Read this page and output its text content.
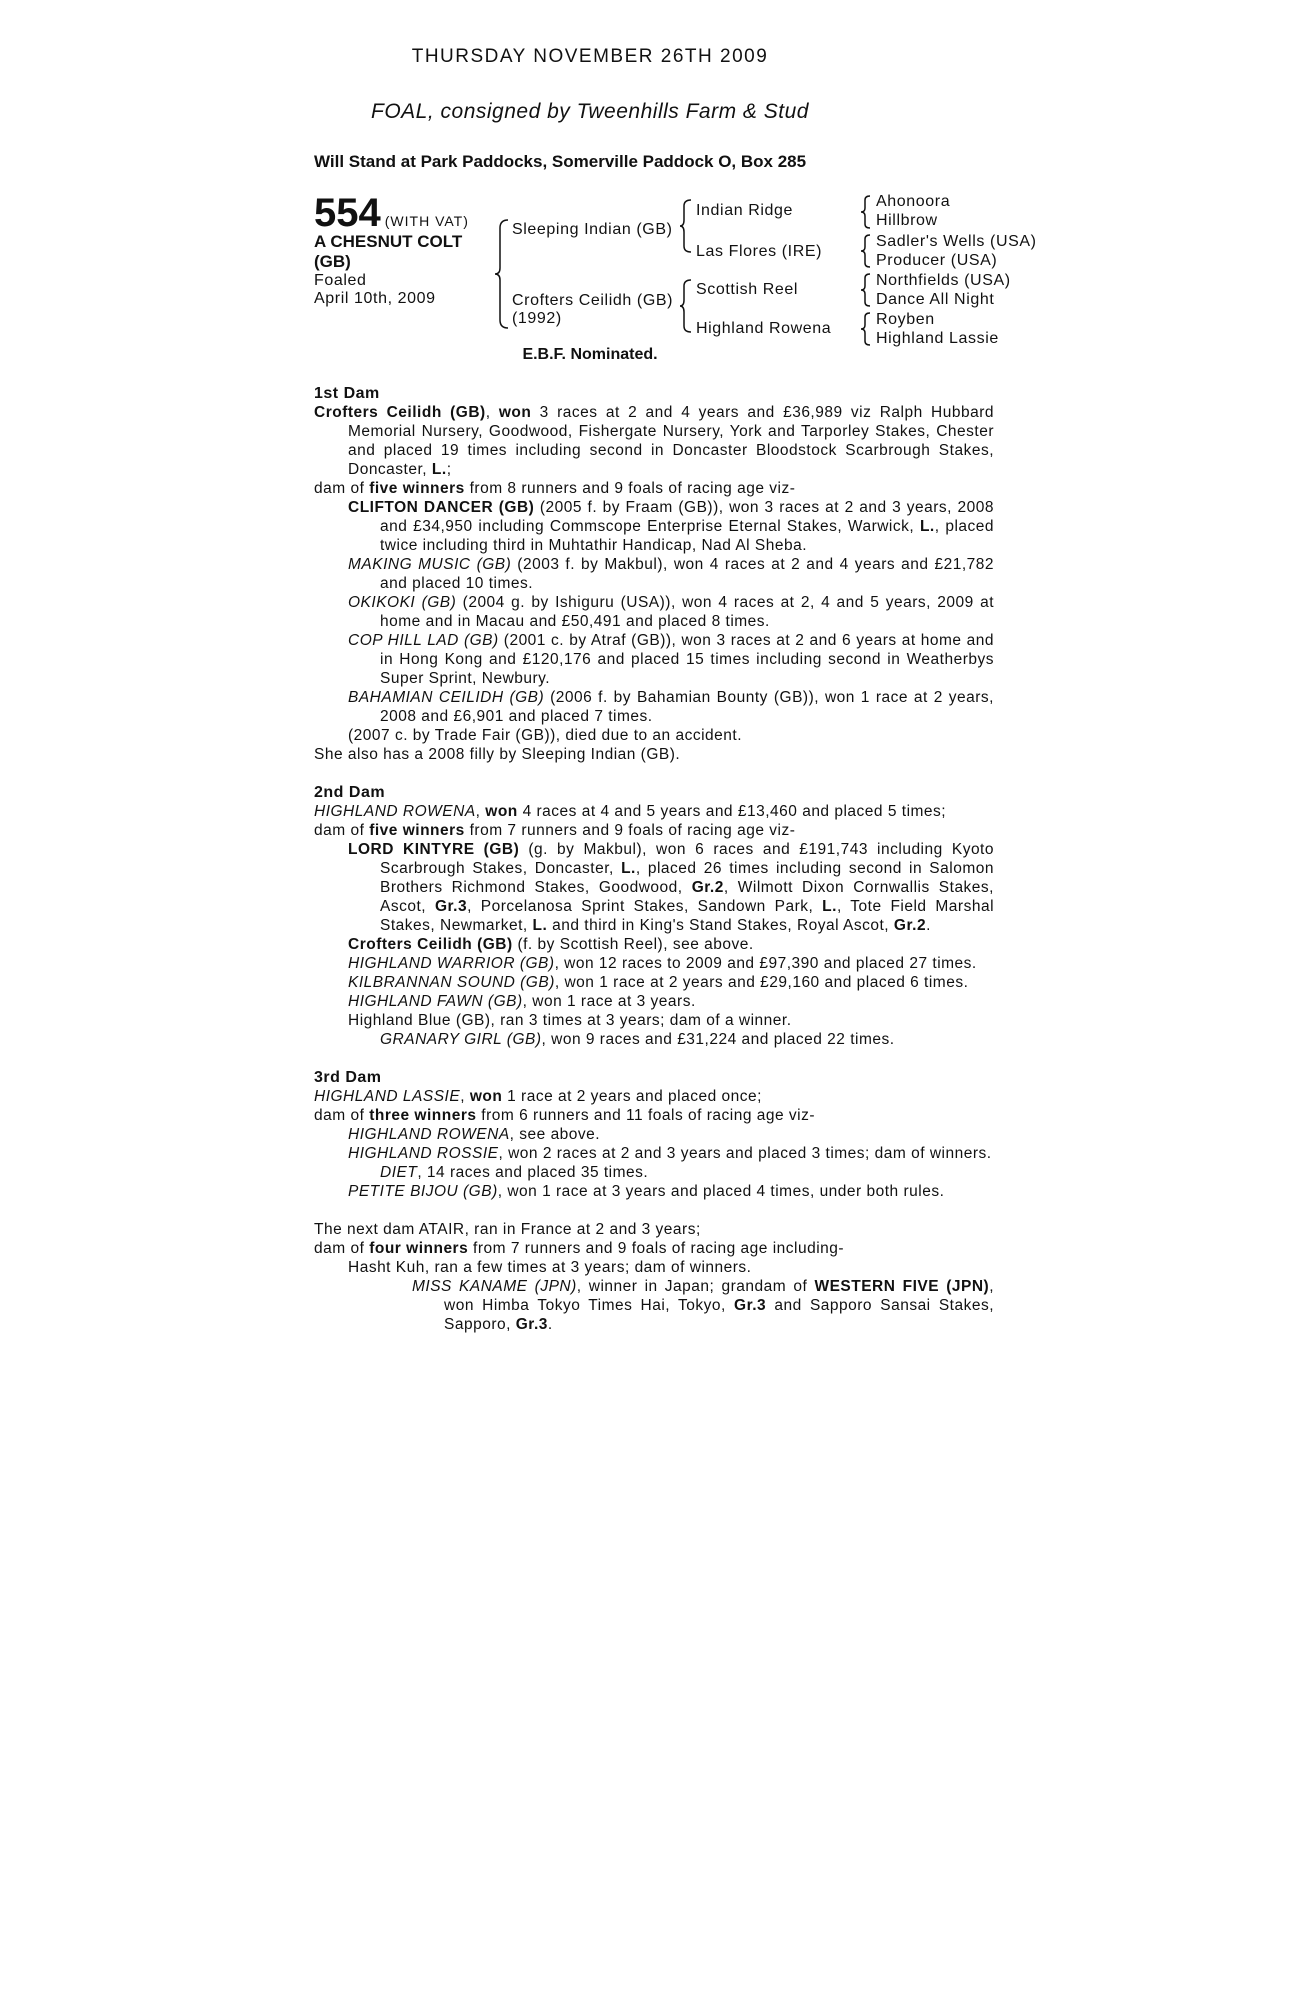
THURSDAY NOVEMBER 26TH 2009
FOAL, consigned by Tweenhills Farm & Stud
Will Stand at Park Paddocks, Somerville Paddock O, Box 285
554 (WITH VAT)
A CHESNUT COLT
(GB)
Foaled
April 10th, 2009
Sleeping Indian (GB)
Crofters Ceilidh (GB)
(1992)
Indian Ridge
Las Flores (IRE)
Scottish Reel
Highland Rowena
Ahonoora
Hillbrow
Sadler's Wells (USA)
Producer (USA)
Northfields (USA)
Dance All Night
Royben
Highland Lassie
E.B.F. Nominated.

1st Dam

Crofters Ceilidh (GB), won 3 races at 2 and 4 years and £36,989 viz Ralph Hubbard Memorial Nursery, Goodwood, Fishergate Nursery, York and Tarporley Stakes, Chester and placed 19 times including second in Doncaster Bloodstock Scarbrough Stakes, Doncaster, L.;

dam of five winners from 8 runners and 9 foals of racing age viz-

CLIFTON DANCER (GB) (2005 f. by Fraam (GB)), won 3 races at 2 and 3 years, 2008 and £34,950 including Commscope Enterprise Eternal Stakes, Warwick, L., placed twice including third in Muhtathir Handicap, Nad Al Sheba.

MAKING MUSIC (GB) (2003 f. by Makbul), won 4 races at 2 and 4 years and £21,782 and placed 10 times.

OKIKOKI (GB) (2004 g. by Ishiguru (USA)), won 4 races at 2, 4 and 5 years, 2009 at home and in Macau and £50,491 and placed 8 times.

COP HILL LAD (GB) (2001 c. by Atraf (GB)), won 3 races at 2 and 6 years at home and in Hong Kong and £120,176 and placed 15 times including second in Weatherbys Super Sprint, Newbury.

BAHAMIAN CEILIDH (GB) (2006 f. by Bahamian Bounty (GB)), won 1 race at 2 years, 2008 and £6,901 and placed 7 times.

(2007 c. by Trade Fair (GB)), died due to an accident.

She also has a 2008 filly by Sleeping Indian (GB).

2nd Dam

HIGHLAND ROWENA, won 4 races at 4 and 5 years and £13,460 and placed 5 times;

dam of five winners from 7 runners and 9 foals of racing age viz-

LORD KINTYRE (GB) (g. by Makbul), won 6 races and £191,743 including Kyoto Scarbrough Stakes, Doncaster, L., placed 26 times including second in Salomon Brothers Richmond Stakes, Goodwood, Gr.2, Wilmott Dixon Cornwallis Stakes, Ascot, Gr.3, Porcelanosa Sprint Stakes, Sandown Park, L., Tote Field Marshal Stakes, Newmarket, L. and third in King's Stand Stakes, Royal Ascot, Gr.2.

Crofters Ceilidh (GB) (f. by Scottish Reel), see above.

HIGHLAND WARRIOR (GB), won 12 races to 2009 and £97,390 and placed 27 times.

KILBRANNAN SOUND (GB), won 1 race at 2 years and £29,160 and placed 6 times.

HIGHLAND FAWN (GB), won 1 race at 3 years.

Highland Blue (GB), ran 3 times at 3 years; dam of a winner.

GRANARY GIRL (GB), won 9 races and £31,224 and placed 22 times.

3rd Dam

HIGHLAND LASSIE, won 1 race at 2 years and placed once;

dam of three winners from 6 runners and 11 foals of racing age viz-

HIGHLAND ROWENA, see above.

HIGHLAND ROSSIE, won 2 races at 2 and 3 years and placed 3 times; dam of winners.

DIET, 14 races and placed 35 times.

PETITE BIJOU (GB), won 1 race at 3 years and placed 4 times, under both rules.

The next dam ATAIR, ran in France at 2 and 3 years;

dam of four winners from 7 runners and 9 foals of racing age including-

Hasht Kuh, ran a few times at 3 years; dam of winners.

MISS KANAME (JPN), winner in Japan; grandam of WESTERN FIVE (JPN), won Himba Tokyo Times Hai, Tokyo, Gr.3 and Sapporo Sansai Stakes, Sapporo, Gr.3.
